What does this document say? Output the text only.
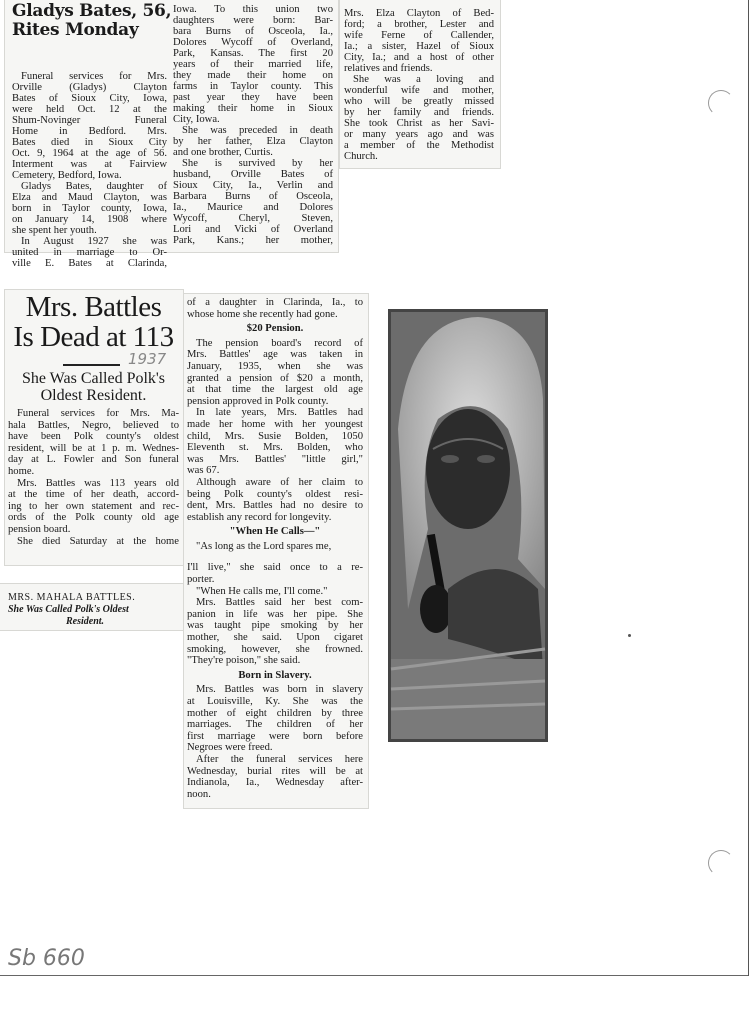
Gladys Bates, 56,
Rites Monday
Funeral services for Mrs.
Orville (Gladys) Clayton
Bates of Sioux City, Iowa,
were held Oct. 12 at the
Shum-Novinger Funeral
Home in Bedford. Mrs.
Bates died in Sioux City
Oct. 9, 1964 at the age of 56.
Interment was at Fairview
Cemetery, Bedford, Iowa.
Gladys Bates, daughter of
Elza and Maud Clayton, was
born in Taylor county, Iowa,
on January 14, 1908 where
she spent her youth.
In August 1927 she was
united in marriage to Or-
ville E. Bates at Clarinda,
Iowa. To this union two
daughters were born: Bar-
bara Burns of Osceola, Ia.,
Dolores Wycoff of Overland,
Park, Kansas. The first 20
years of their married life,
they made their home on
farms in Taylor county. This
past year they have been
making their home in Sioux
City, Iowa.
She was preceded in death
by her father, Elza Clayton
and one brother, Curtis.
She is survived by her
husband, Orville Bates of
Sioux City, Ia., Verlin and
Barbara Burns of Osceola,
Ia., Maurice and Dolores
Wycoff, Cheryl, Steven,
Lori and Vicki of Overland
Park, Kans.; her mother,
Mrs. Elza Clayton of Bed-
ford; a brother, Lester and
wife Ferne of Callender,
Ia.; a sister, Hazel of Sioux
City, Ia.; and a host of other
relatives and friends.
She was a loving and
wonderful wife and mother,
who will be greatly missed
by her family and friends.
She took Christ as her Savi-
or many years ago and was
a member of the Methodist
Church.
Mrs. Battles
Is Dead at 113
1937
She Was Called Polk's
Oldest Resident.
Funeral services for Mrs. Ma-
hala Battles, Negro, believed to
have been Polk county's oldest
resident, will be at 1 p. m. Wednes-
day at L. Fowler and Son funeral
home.
Mrs. Battles was 113 years old
at the time of her death, accord-
ing to her own statement and rec-
ords of the Polk county old age
pension board.
She died Saturday at the home
of a daughter in Clarinda, Ia., to
whose home she recently had gone.
$20 Pension.
The pension board's record of
Mrs. Battles' age was taken in
January, 1935, when she was
granted a pension of $20 a month,
at that time the largest old age
pension approved in Polk county.
In late years, Mrs. Battles had
made her home with her youngest
child, Mrs. Susie Bolden, 1050
Eleventh st. Mrs. Bolden, who
was Mrs. Battles' "little girl,"
was 67.
Although aware of her claim to
being Polk county's oldest resi-
dent, Mrs. Battles had no desire to
establish any record for longevity.
"When He Calls—"
"As long as the Lord spares me,
I'll live," she said once to a re-
porter.
"When He calls me, I'll come."
Mrs. Battles said her best com-
panion in life was her pipe. She
was taught pipe smoking by her
mother, she said. Upon cigaret
smoking, however, she frowned.
"They're poison," she said.
Born in Slavery.
Mrs. Battles was born in slavery
at Louisville, Ky. She was the
mother of eight children by three
marriages. The children of her
first marriage were born before
Negroes were freed.
After the funeral services here
Wednesday, burial rites will be at
Indianola, Ia., Wednesday after-
noon.
MRS. MAHALA BATTLES.
She Was Called Polk's Oldest
Resident.
Sb 660
